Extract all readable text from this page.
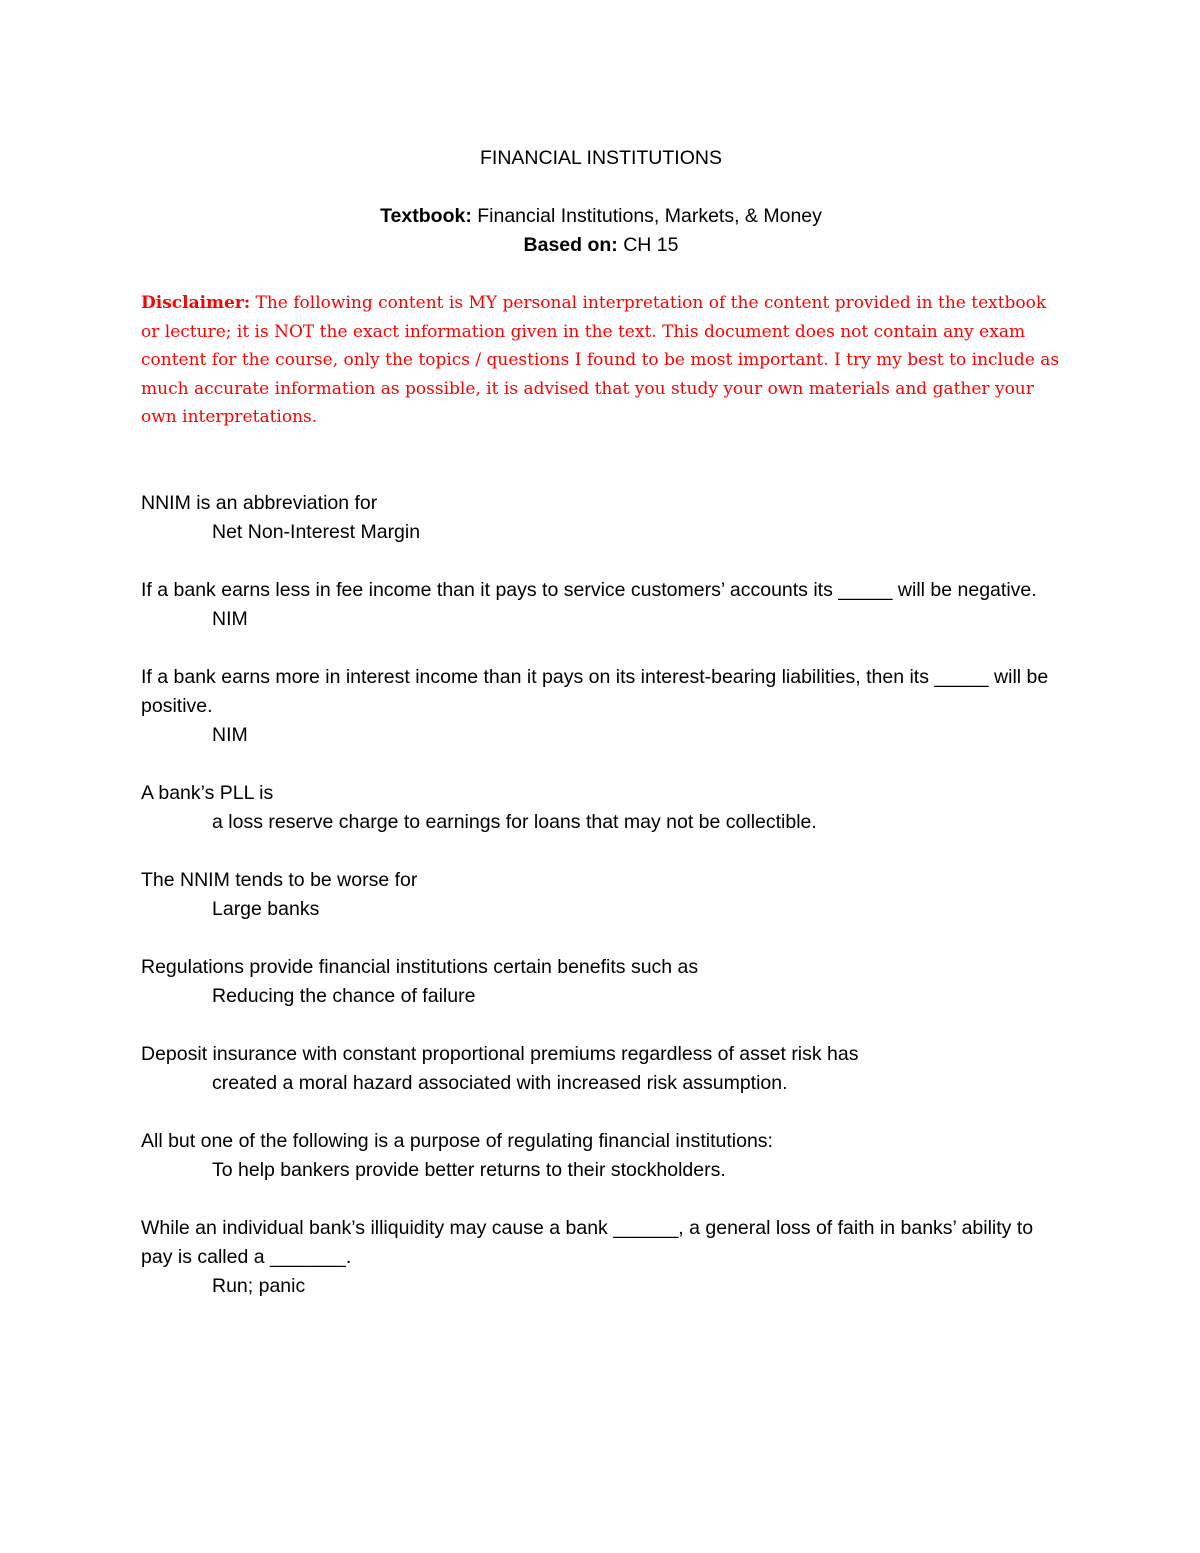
FINANCIAL INSTITUTIONS

Textbook: Financial Institutions, Markets, & Money

Based on: CH 15

Disclaimer: The following content is MY personal interpretation of the content provided in the textbook or lecture; it is NOT the exact information given in the text. This document does not contain any exam content for the course, only the topics / questions I found to be most important. I try my best to include as much accurate information as possible, it is advised that you study your own materials and gather your own interpretations.

NNIM is an abbreviation for

Net Non-Interest Margin

If a bank earns less in fee income than it pays to service customers’ accounts its _____ will be negative.

NIM

If a bank earns more in interest income than it pays on its interest-bearing liabilities, then its _____ will be positive.

NIM

A bank’s PLL is

a loss reserve charge to earnings for loans that may not be collectible.

The NNIM tends to be worse for

Large banks

Regulations provide financial institutions certain benefits such as

Reducing the chance of failure

Deposit insurance with constant proportional premiums regardless of asset risk has

created a moral hazard associated with increased risk assumption.

All but one of the following is a purpose of regulating financial institutions:

To help bankers provide better returns to their stockholders.

While an individual bank’s illiquidity may cause a bank ______, a general loss of faith in banks’ ability to pay is called a _______.

Run; panic
